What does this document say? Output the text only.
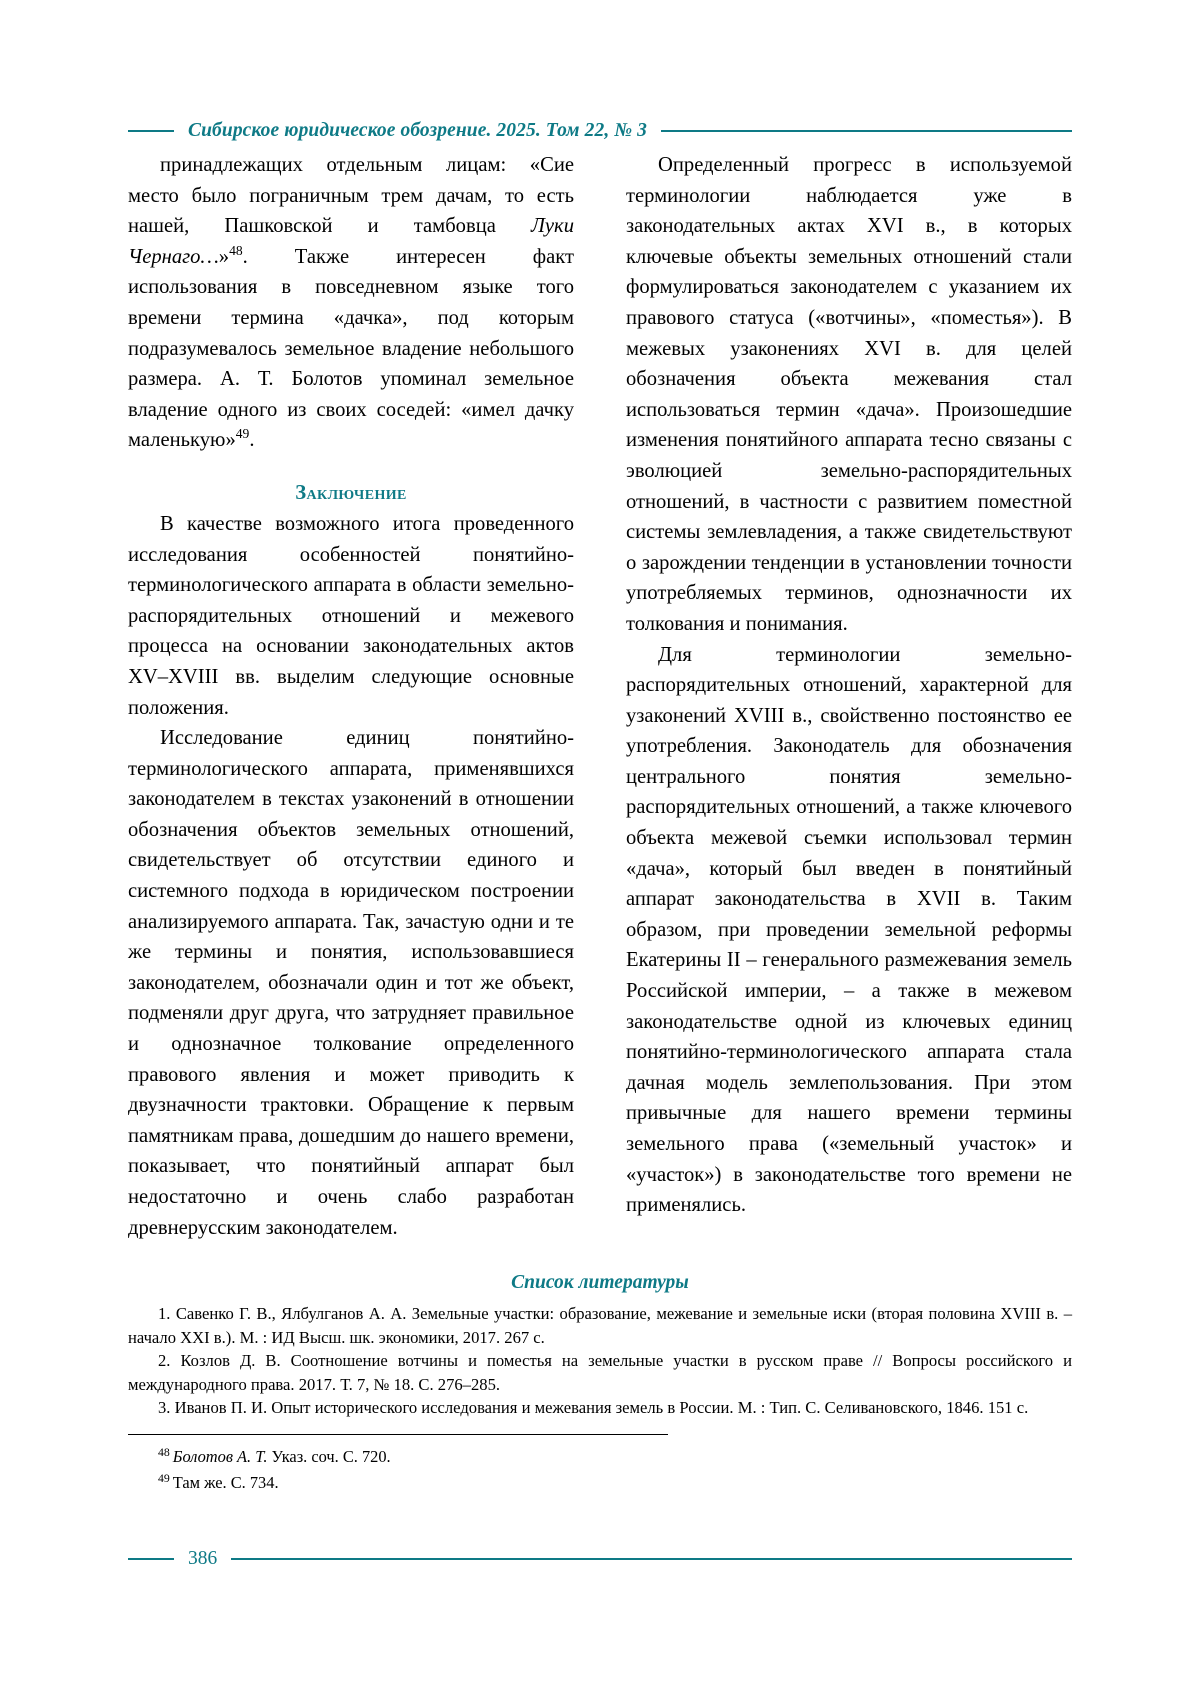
Сибирское юридическое обозрение. 2025. Том 22, № 3

принадлежащих отдельным лицам: «Сие место было пограничным трем дачам, то есть нашей, Пашковской и тамбовца Луки Чернаго…»$^{48}$. Также интересен факт использования в повседневном языке того времени термина «дачка», под которым подразумевалось земельное владение небольшого размера. А. Т. Болотов упоминал земельное владение одного из своих соседей: «имел дачку маленькую»$^{49}$.

Заключение

В качестве возможного итога проведенного исследования особенностей понятийно-терминологического аппарата в области земельно-распорядительных отношений и межевого процесса на основании законодательных актов XV–XVIII вв. выделим следующие основные положения.

Исследование единиц понятийно-терминологического аппарата, применявшихся законодателем в текстах узаконений в отношении обозначения объектов земельных отношений, свидетельствует об отсутствии единого и системного подхода в юридическом построении анализируемого аппарата. Так, зачастую одни и те же термины и понятия, использовавшиеся законодателем, обозначали один и тот же объект, подменяли друг друга, что затрудняет правильное и однозначное толкование определенного правового явления и может приводить к двузначности трактовки. Обращение к первым памятникам права, дошедшим до нашего времени, показывает, что понятийный аппарат был недостаточно и очень слабо разработан древнерусским законодателем.

Определенный прогресс в используемой терминологии наблюдается уже в законодательных актах XVI в., в которых ключевые объекты земельных отношений стали формулироваться законодателем с указанием их правового статуса («вотчины», «поместья»). В межевых узаконениях XVI в. для целей обозначения объекта межевания стал использоваться термин «дача». Произошедшие изменения понятийного аппарата тесно связаны с эволюцией земельно-распорядительных отношений, в частности с развитием поместной системы землевладения, а также свидетельствуют о зарождении тенденции в установлении точности употребляемых терминов, однозначности их толкования и понимания.

Для терминологии земельно-распорядительных отношений, характерной для узаконений XVIII в., свойственно постоянство ее употребления. Законодатель для обозначения центрального понятия земельно-распорядительных отношений, а также ключевого объекта межевой съемки использовал термин «дача», который был введен в понятийный аппарат законодательства в XVII в. Таким образом, при проведении земельной реформы Екатерины II – генерального размежевания земель Российской империи, – а также в межевом законодательстве одной из ключевых единиц понятийно-терминологического аппарата стала дачная модель землепользования. При этом привычные для нашего времени термины земельного права («земельный участок» и «участок») в законодательстве того времени не применялись.

Список литературы

1. Савенко Г. В., Ялбулганов А. А. Земельные участки: образование, межевание и земельные иски (вторая половина XVIII в. – начало XXI в.). М. : ИД Высш. шк. экономики, 2017. 267 с.

2. Козлов Д. В. Соотношение вотчины и поместья на земельные участки в русском праве // Вопросы российского и международного права. 2017. Т. 7, № 18. С. 276–285.

3. Иванов П. И. Опыт исторического исследования и межевания земель в России. М. : Тип. С. Селивановского, 1846. 151 с.

$^{48}$ Болотов А. Т. Указ. соч. С. 720.

$^{49}$ Там же. С. 734.

386
